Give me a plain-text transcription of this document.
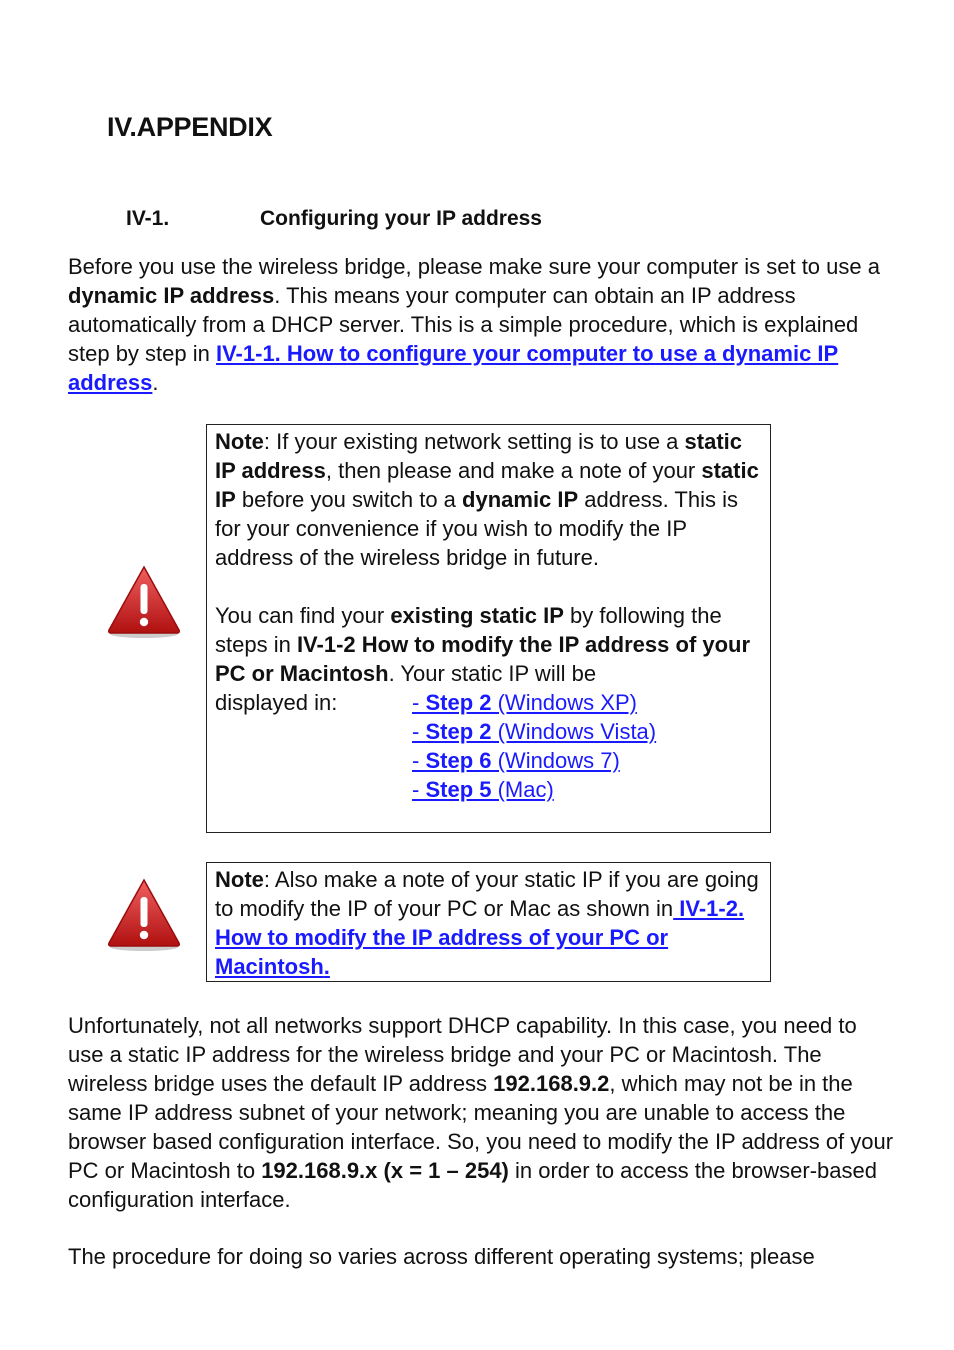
IV.APPENDIX
IV-1.	Configuring your IP address

Before you use the wireless bridge, please make sure your computer is set to use a dynamic IP address. This means your computer can obtain an IP address automatically from a DHCP server. This is a simple procedure, which is explained step by step in IV-1-1. How to configure your computer to use a dynamic IP address.

Note: If your existing network setting is to use a static IP address, then please and make a note of your static IP before you switch to a dynamic IP address. This is for your convenience if you wish to modify the IP address of the wireless bridge in future.

You can find your existing static IP by following the steps in IV-1-2 How to modify the IP address of your PC or Macintosh. Your static IP will be

displayed in:	- Step 2 (Windows XP)
- Step 2 (Windows Vista)
- Step 6 (Windows 7)
- Step 5 (Mac)

Note: Also make a note of your static IP if you are going to modify the IP of your PC or Mac as shown in IV-1-2. How to modify the IP address of your PC or Macintosh.

Unfortunately, not all networks support DHCP capability. In this case, you need to use a static IP address for the wireless bridge and your PC or Macintosh. The wireless bridge uses the default IP address 192.168.9.2, which may not be in the same IP address subnet of your network; meaning you are unable to access the browser based configuration interface. So, you need to modify the IP address of your PC or Macintosh to 192.168.9.x (x = 1 – 254) in order to access the browser-based configuration interface.

The procedure for doing so varies across different operating systems; please
